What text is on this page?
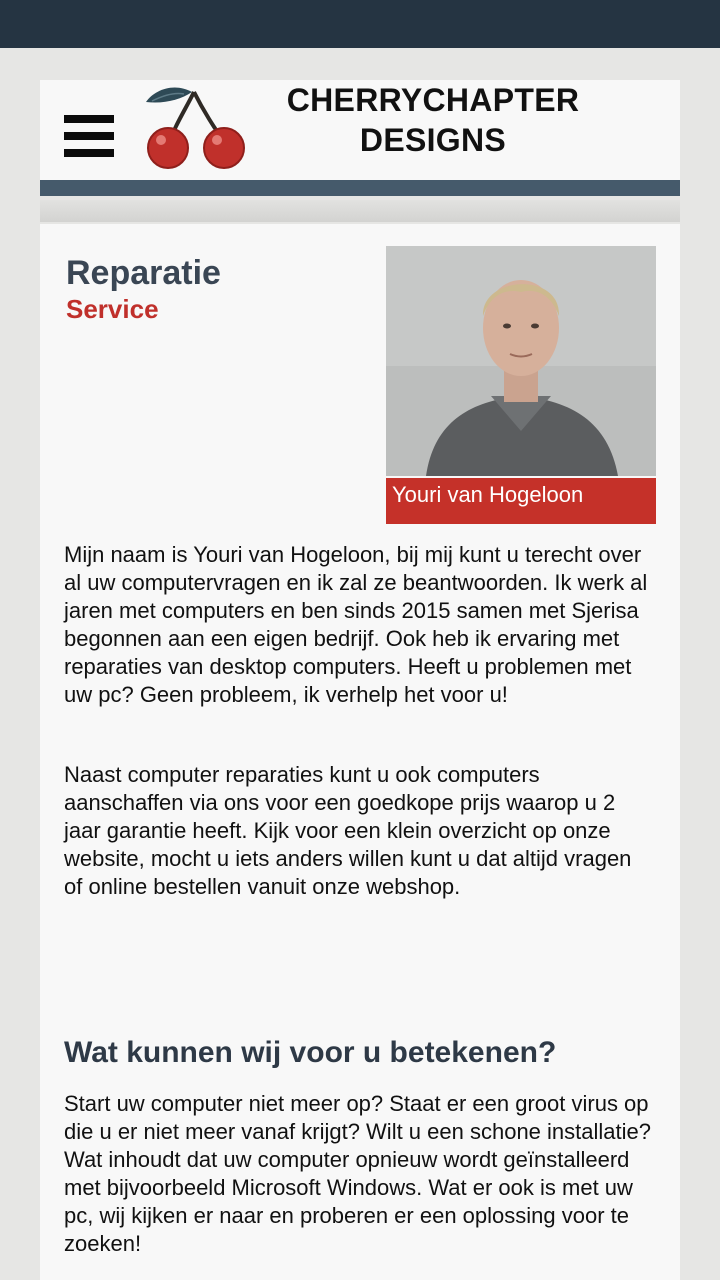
CHERRYCHAPTER
DESIGNS
Reparatie
Service
Youri van Hogeloon

Mijn naam is Youri van Hogeloon, bij mij kunt u terecht over al uw computervragen en ik zal ze beantwoorden. Ik werk al jaren met computers en ben sinds 2015 samen met Sjerisa begonnen aan een eigen bedrijf. Ook heb ik ervaring met reparaties van desktop computers. Heeft u problemen met uw pc? Geen probleem, ik verhelp het voor u!

Naast computer reparaties kunt u ook computers aanschaffen via ons voor een goedkope prijs waarop u 2 jaar garantie heeft. Kijk voor een klein overzicht op onze website, mocht u iets anders willen kunt u dat altijd vragen of online bestellen vanuit onze webshop.

Wat kunnen wij voor u betekenen?

Start uw computer niet meer op? Staat er een groot virus op die u er niet meer vanaf krijgt? Wilt u een schone installatie? Wat inhoudt dat uw computer opnieuw wordt geïnstalleerd met bijvoorbeeld Microsoft Windows. Wat er ook is met uw pc, wij kijken er naar en proberen er een oplossing voor te zoeken!
